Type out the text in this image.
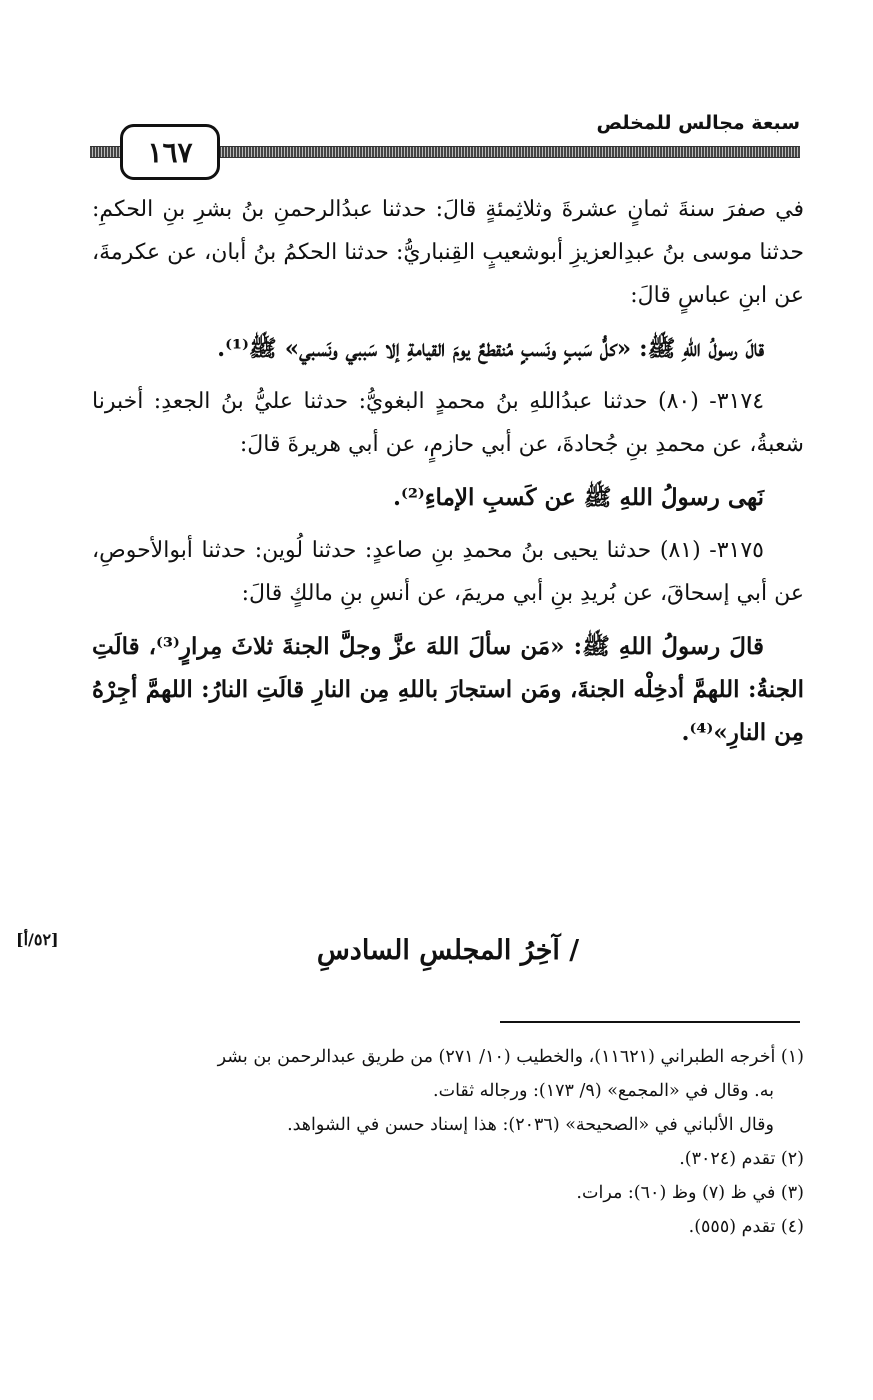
١٦٧
سبعة مجالس للمخلص

في صفرَ سنةَ ثمانٍ عشرةَ وثلاثِمئةٍ قالَ: حدثنا عبدُالرحمنِ بنُ بشرِ بنِ الحكمِ: حدثنا موسى بنُ عبدِالعزيزِ أبوشعيبٍ القِنباريُّ: حدثنا الحكمُ بنُ أبان، عن عكرمةَ، عن ابنِ عباسٍ قالَ:

قالَ رسولُ اللهِ ﷺ: «كلُّ سَببٍ ونَسبٍ مُنقطعٌ يومَ القيامةِ إلا سَببي ونَسبي» ﷺ⁽¹⁾.

٣١٧٤- (٨٠) حدثنا عبدُاللهِ بنُ محمدٍ البغويُّ: حدثنا عليُّ بنُ الجعدِ: أخبرنا شعبةُ، عن محمدِ بنِ جُحادةَ، عن أبي حازمٍ، عن أبي هريرةَ قالَ:

نَهى رسولُ اللهِ ﷺ عن كَسبِ الإماءِ⁽²⁾.

٣١٧٥- (٨١) حدثنا يحيى بنُ محمدِ بنِ صاعدٍ: حدثنا لُوين: حدثنا أبوالأحوصِ، عن أبي إسحاقَ، عن بُريدِ بنِ أبي مريمَ، عن أنسِ بنِ مالكٍ قالَ:

قالَ رسولُ اللهِ ﷺ: «مَن سألَ اللهَ عزَّ وجلَّ الجنةَ ثلاثَ مِرارٍ⁽³⁾، قالَتِ الجنةُ: اللهمَّ أدخِلْه الجنةَ، ومَن استجارَ باللهِ مِن النارِ قالَتِ النارُ: اللهمَّ أجِرْهُ مِن النارِ»⁽⁴⁾.

[٥٢/أ]	/ آخِرُ المجلسِ السادسِ

(١) أخرجه الطبراني (١١٦٢١)، والخطيب (١٠/ ٢٧١) من طريق عبدالرحمن بن بشر

به. وقال في «المجمع» (٩/ ١٧٣): ورجاله ثقات.

وقال الألباني في «الصحيحة» (٢٠٣٦): هذا إسناد حسن في الشواهد.

(٢) تقدم (٣٠٢٤).

(٣) في ظ (٧) وظ (٦٠): مرات.

(٤) تقدم (٥٥٥).
